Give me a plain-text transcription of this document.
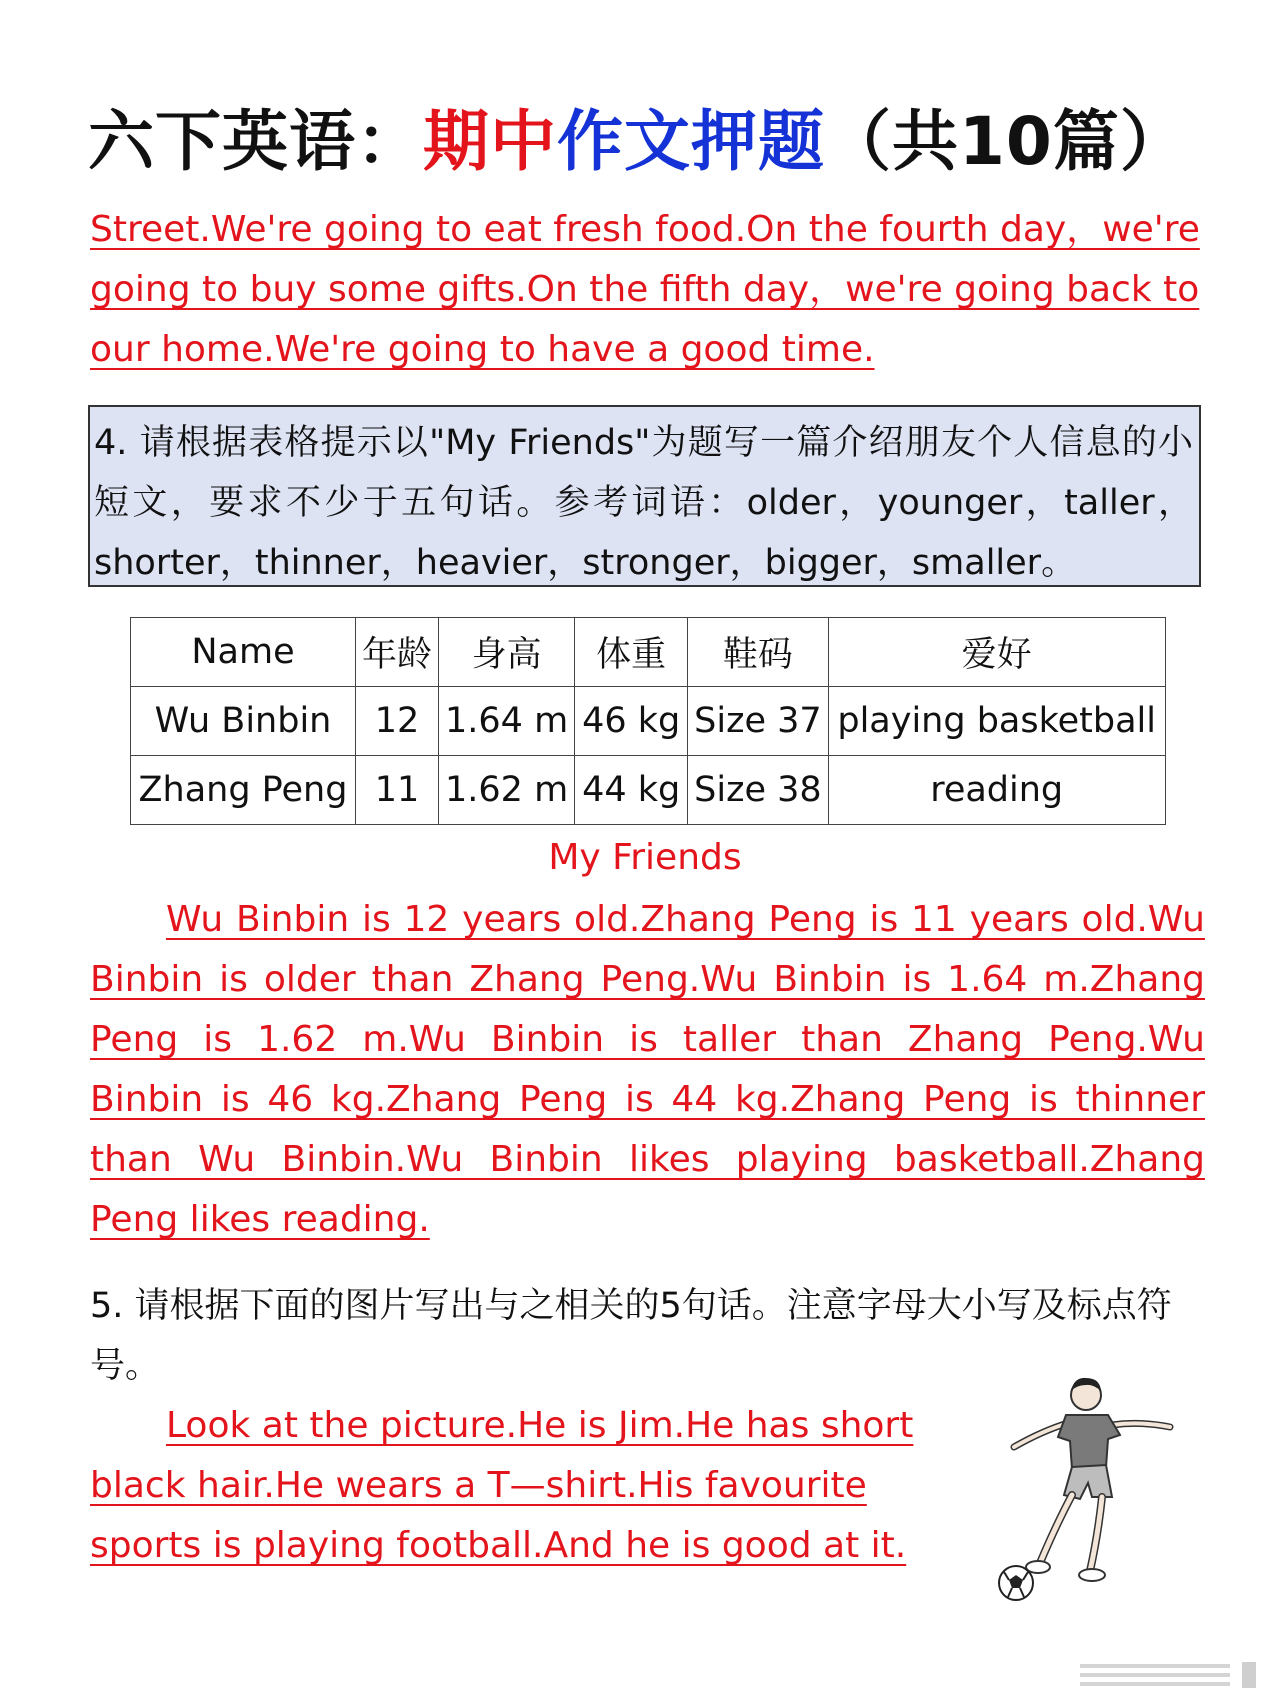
六下英语：期中作文押题（共10篇）
Street.We're going to eat fresh food.On the fourth day，we're
going to buy some gifts.On the fifth day，we're going back to
our home.We're going to have a good time.
4. 请根据表格提示以"My Friends"为题写一篇介绍朋友个人信息的小短文，要求不少于五句话。参考词语：older，younger，taller，shorter，thinner，heavier，stronger，bigger，smaller。
Name	年龄	身高	体重	鞋码	爱好
Wu Binbin	12	1.64 m	46 kg	Size 37	playing basketball
Zhang Peng	11	1.62 m	44 kg	Size 38	reading
My Friends
Wu Binbin is 12 years old.Zhang Peng is 11 years old.Wu Binbin is older than Zhang Peng.Wu Binbin is 1.64 m.Zhang Peng is 1.62 m.Wu Binbin is taller than Zhang Peng.Wu Binbin is 46 kg.Zhang Peng is 44 kg.Zhang Peng is thinner than Wu Binbin.Wu Binbin likes playing basketball.Zhang Peng likes reading.
5. 请根据下面的图片写出与之相关的5句话。注意字母大小写及标点符号。
Look at the picture.He is Jim.He has short
black hair.He wears a T—shirt.His favourite
sports is playing football.And he is good at it.
